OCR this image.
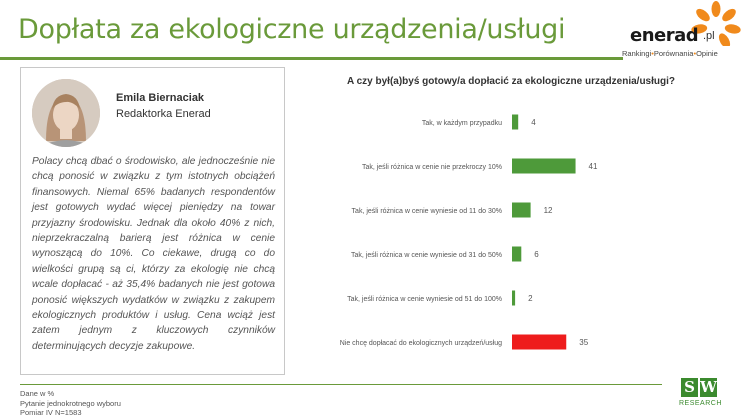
Dopłata za ekologiczne urządzenia/usługi	enerad .pl
Rankingi•Porównania•Opinie
Emila Biernaciak
Redaktorka Enerad

Polacy chcą dbać o środowisko, ale jednocześnie nie chcą ponosić w związku z tym istotnych obciążeń finansowych. Niemal 65% badanych respondentów jest gotowych wydać więcej pieniędzy na towar przyjazny środowisku. Jednak dla około 40% z nich, nieprzekraczalną barierą jest różnica w cenie wynoszącą do 10%. Co ciekawe, drugą co do wielkości grupą są ci, którzy za ekologię nie chcą wcale dopłacać - aż 35,4% badanych nie jest gotowa ponosić większych wydatków w związku z zakupem ekologicznych produktów i usług. Cena wciąż jest zatem jednym z kluczowych czynników determinujących decyzje zakupowe.

A czy był(a)byś gotowy/a dopłacić za ekologiczne urządzenia/usługi?
Tak, w każdym przypadku	4
Tak, jeśli różnica w cenie nie przekroczy 10%	41
Tak, jeśli różnica w cenie wyniesie od 11 do 30%	12
Tak, jeśli różnica w cenie wyniesie od 31 do 50%	6
Tak, jeśli różnica w cenie wyniesie od 51 do 100%	2
Nie chcę dopłacać do ekologicznych urządzeń/usług	35
Dane w %
Pytanie jednokrotnego wyboru
Pomiar IV N=1583
S W
RESEARCH
